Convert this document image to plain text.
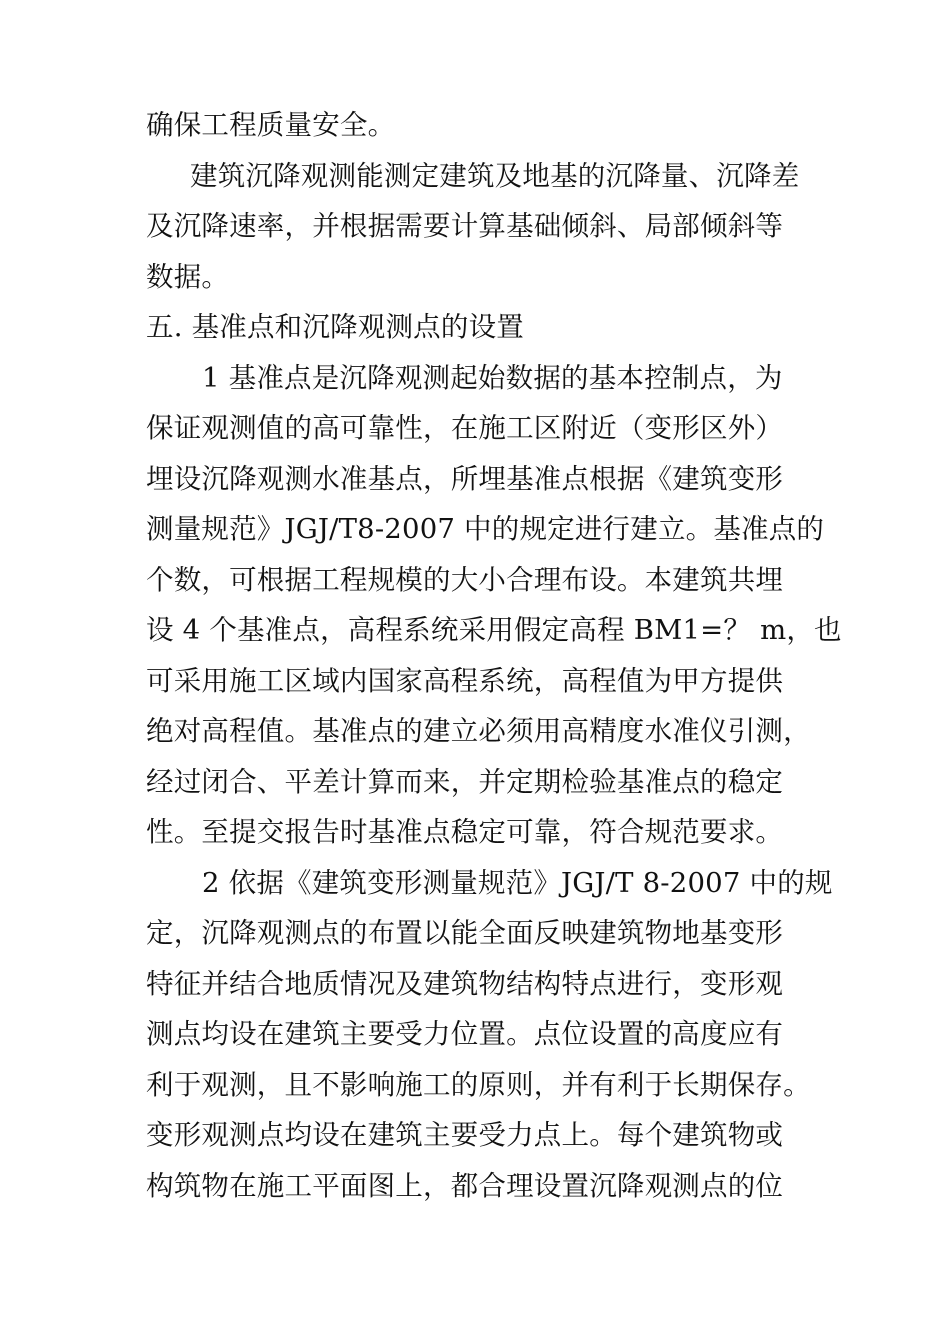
确保工程质量安全。
建筑沉降观测能测定建筑及地基的沉降量、沉降差
及沉降速率，并根据需要计算基础倾斜、局部倾斜等
数据。
五. 基准点和沉降观测点的设置
1 基准点是沉降观测起始数据的基本控制点，为
保证观测值的高可靠性，在施工区附近（变形区外）
埋设沉降观测水准基点，所埋基准点根据《建筑变形
测量规范》JGJ/T8-2007 中的规定进行建立。基准点的
个数，可根据工程规模的大小合理布设。本建筑共埋
设 4 个基准点，高程系统采用假定高程 BM1=？ m，也
可采用施工区域内国家高程系统，高程值为甲方提供
绝对高程值。基准点的建立必须用高精度水准仪引测，
经过闭合、平差计算而来，并定期检验基准点的稳定
性。至提交报告时基准点稳定可靠，符合规范要求。
2 依据《建筑变形测量规范》JGJ/T 8-2007 中的规
定，沉降观测点的布置以能全面反映建筑物地基变形
特征并结合地质情况及建筑物结构特点进行，变形观
测点均设在建筑主要受力位置。点位设置的高度应有
利于观测，且不影响施工的原则，并有利于长期保存。
变形观测点均设在建筑主要受力点上。每个建筑物或
构筑物在施工平面图上，都合理设置沉降观测点的位
